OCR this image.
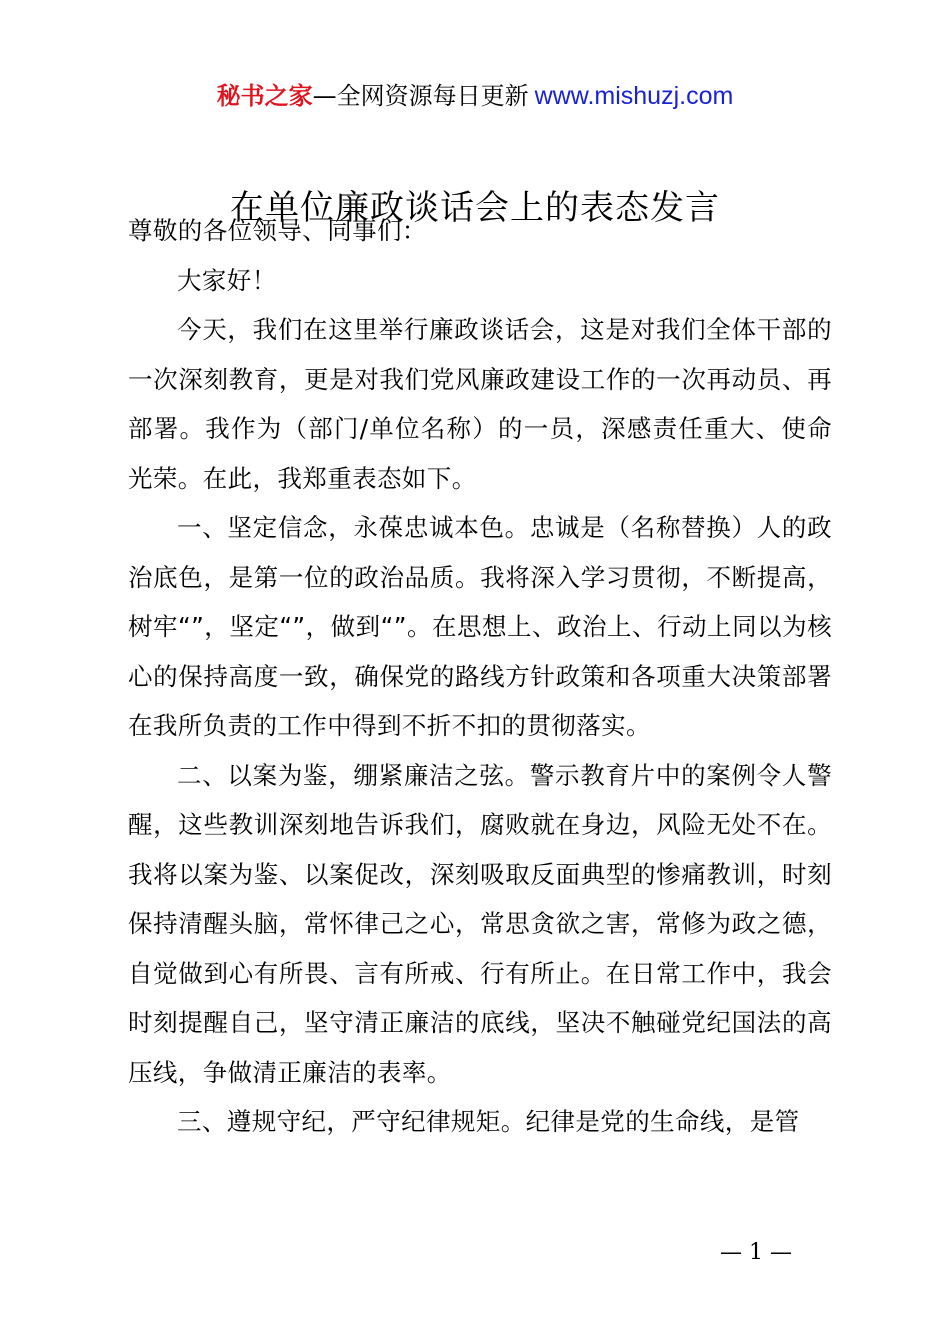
秘书之家—全网资源每日更新 www.mishuzj.com
在单位廉政谈话会上的表态发言

尊敬的各位领导、同事们：

大家好！

今天，我们在这里举行廉政谈话会，这是对我们全体干部的一次深刻教育，更是对我们党风廉政建设工作的一次再动员、再部署。我作为（部门/单位名称）的一员，深感责任重大、使命光荣。在此，我郑重表态如下。

一、坚定信念，永葆忠诚本色。忠诚是（名称替换）人的政治底色，是第一位的政治品质。我将深入学习贯彻，不断提高，树牢“”，坚定“”，做到“”。在思想上、政治上、行动上同以为核心的保持高度一致，确保党的路线方针政策和各项重大决策部署在我所负责的工作中得到不折不扣的贯彻落实。

二、以案为鉴，绷紧廉洁之弦。警示教育片中的案例令人警醒，这些教训深刻地告诉我们，腐败就在身边，风险无处不在。我将以案为鉴、以案促改，深刻吸取反面典型的惨痛教训，时刻保持清醒头脑，常怀律己之心，常思贪欲之害，常修为政之德，自觉做到心有所畏、言有所戒、行有所止。在日常工作中，我会时刻提醒自己，坚守清正廉洁的底线，坚决不触碰党纪国法的高压线，争做清正廉洁的表率。

三、遵规守纪，严守纪律规矩。纪律是党的生命线，是管

— 1 —
